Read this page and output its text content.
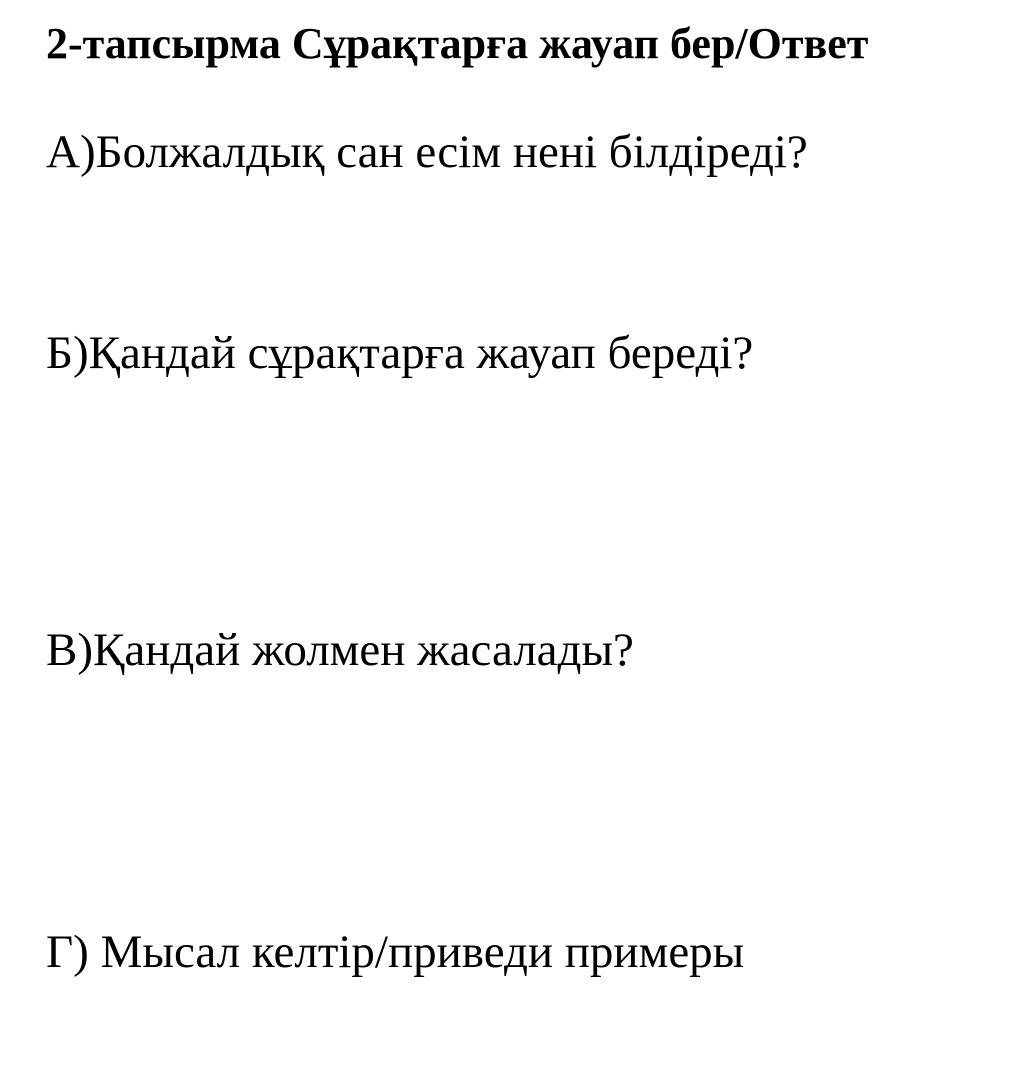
2-тапсырма Сұрақтарға жауап бер/Ответ
А)Болжалдық сан есім нені білдіреді?
Б)Қандай сұрақтарға жауап береді?
В)Қандай жолмен жасалады?
Г) Мысал келтір/приведи примеры
